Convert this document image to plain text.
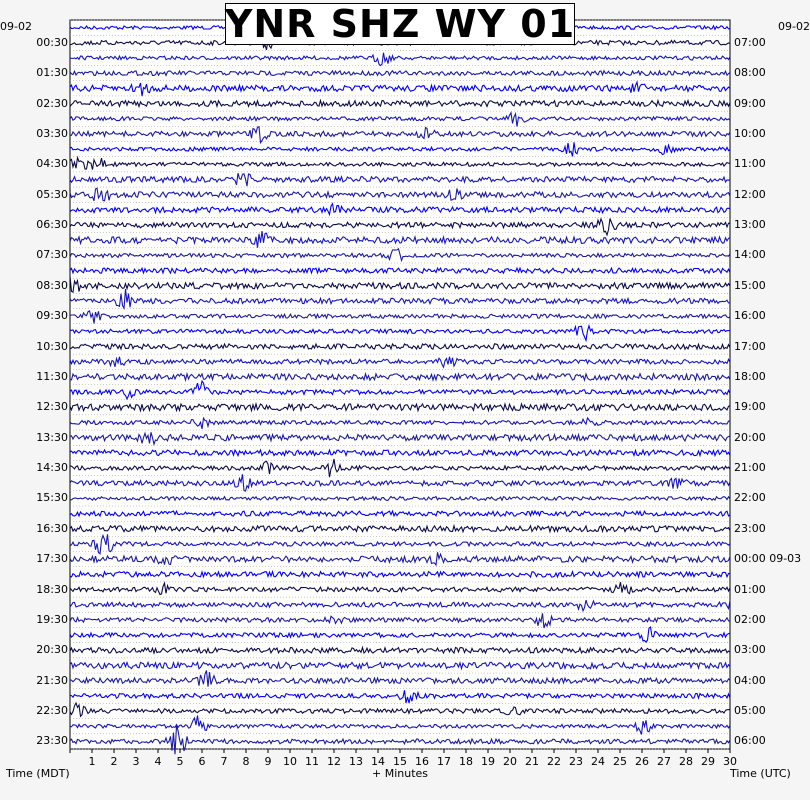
YNR SHZ WY 01
09-02	09-02
00:30
01:30
02:30
03:30
04:30
05:30
06:30
07:30
08:30
09:30
10:30
11:30
12:30
13:30
14:30
15:30
16:30
17:30
18:30
19:30
20:30
21:30
22:30
23:30
07:00
08:00
09:00
10:00
11:00
12:00
13:00
14:00
15:00
16:00
17:00
18:00
19:00
20:00
21:00
22:00
23:00
00:00 09-03
01:00
02:00
03:00
04:00
05:00
06:00
1 2 3 4 5 6 7 8 9 10 11 12 13 14 15 16 17 18 19 20 21 22 23 24 25 26 27 28 29 30
+ Minutes
Time (MDT)	Time (UTC)
